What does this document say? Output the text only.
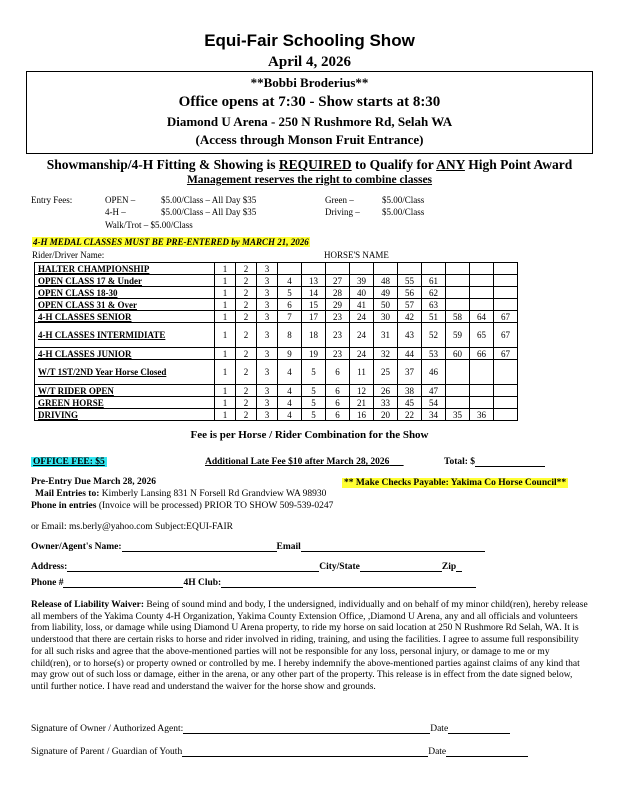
Equi-Fair Schooling Show
April 4, 2026
**Bobbi Broderius**
Office opens at 7:30 - Show starts at 8:30
Diamond U Arena - 250 N Rushmore Rd, Selah WA
(Access through Monson Fruit Entrance)
Showmanship/4-H Fitting & Showing is REQUIRED to Qualify for ANY High Point Award
Management reserves the right to combine classes
Entry Fees:	OPEN –	$5.00/Class – All Day $35
4-H –	$5.00/Class – All Day $35
Walk/Trot – $5.00/Class
Green –	$5.00/Class
Driving – $5.00/Class
4-H MEDAL CLASSES MUST BE PRE-ENTERED by MARCH 21, 2026
Rider/Driver Name:	HORSE'S NAME
HALTER CHAMPIONSHIP	1	2	3										
OPEN CLASS 17 & Under	1	2	3	4	13	27	39	48	55	61			
OPEN CLASS 18-30	1	2	3	5	14	28	40	49	56	62			
OPEN CLASS 31 & Over	1	2	3	6	15	29	41	50	57	63			
4-H CLASSES SENIOR	1	2	3	7	17	23	24	30	42	51	58	64	67
4-H CLASSES INTERMIDIATE	1	2	3	8	18	23	24	31	43	52	59	65	67
4-H CLASSES JUNIOR	1	2	3	9	19	23	24	32	44	53	60	66	67
W/T 1ST/2ND Year Horse Closed	1	2	3	4	5	6	11	25	37	46			
W/T RIDER OPEN	1	2	3	4	5	6	12	26	38	47			
GREEN HORSE	1	2	3	4	5	6	21	33	45	54			
DRIVING	1	2	3	4	5	6	16	20	22	34	35	36	
Fee is per Horse / Rider Combination for the Show
OFFICE FEE: $5	Additional Late Fee $10 after March 28, 2026	Total: $
Pre-Entry Due March 28, 2026	** Make Checks Payable: Yakima Co Horse Council**
Mail Entries to: Kimberly Lansing 831 N Forsell Rd Grandview WA 98930
Phone in entries (Invoice will be processed) PRIOR TO SHOW 509-539-0247
or Email: ms.berly@yahoo.com Subject:EQUI-FAIR
Owner/Agent's Name:	Email
Address:	City/State	Zip
Phone #	4H Club:
Release of Liability Waiver: Being of sound mind and body, I the undersigned, individually and on behalf of my minor child(ren), hereby release all members of the Yakima County 4-H Organization, Yakima County Extension Office, ,Diamond U Arena, any and all officials and volunteers from liability, loss, or damage while using Diamond U Arena property, to ride my horse on said location at 250 N Rushmore Rd Selah, WA. It is understood that there are certain risks to horse and rider involved in riding, training, and using the facilities. I agree to assume full responsibility for all such risks and agree that the above-mentioned parties will not be responsible for any loss, personal injury, or damage to me or my child(ren), or to horse(s) or property owned or controlled by me. I hereby indemnify the above-mentioned parties against claims of any kind that may grow out of such loss or damage, either in the arena, or any other part of the property. This release is in effect from the date signed below, until further notice. I have read and understand the waiver for the horse show and grounds.
Signature of Owner / Authorized Agent:	Date
Signature of Parent / Guardian of Youth	Date
